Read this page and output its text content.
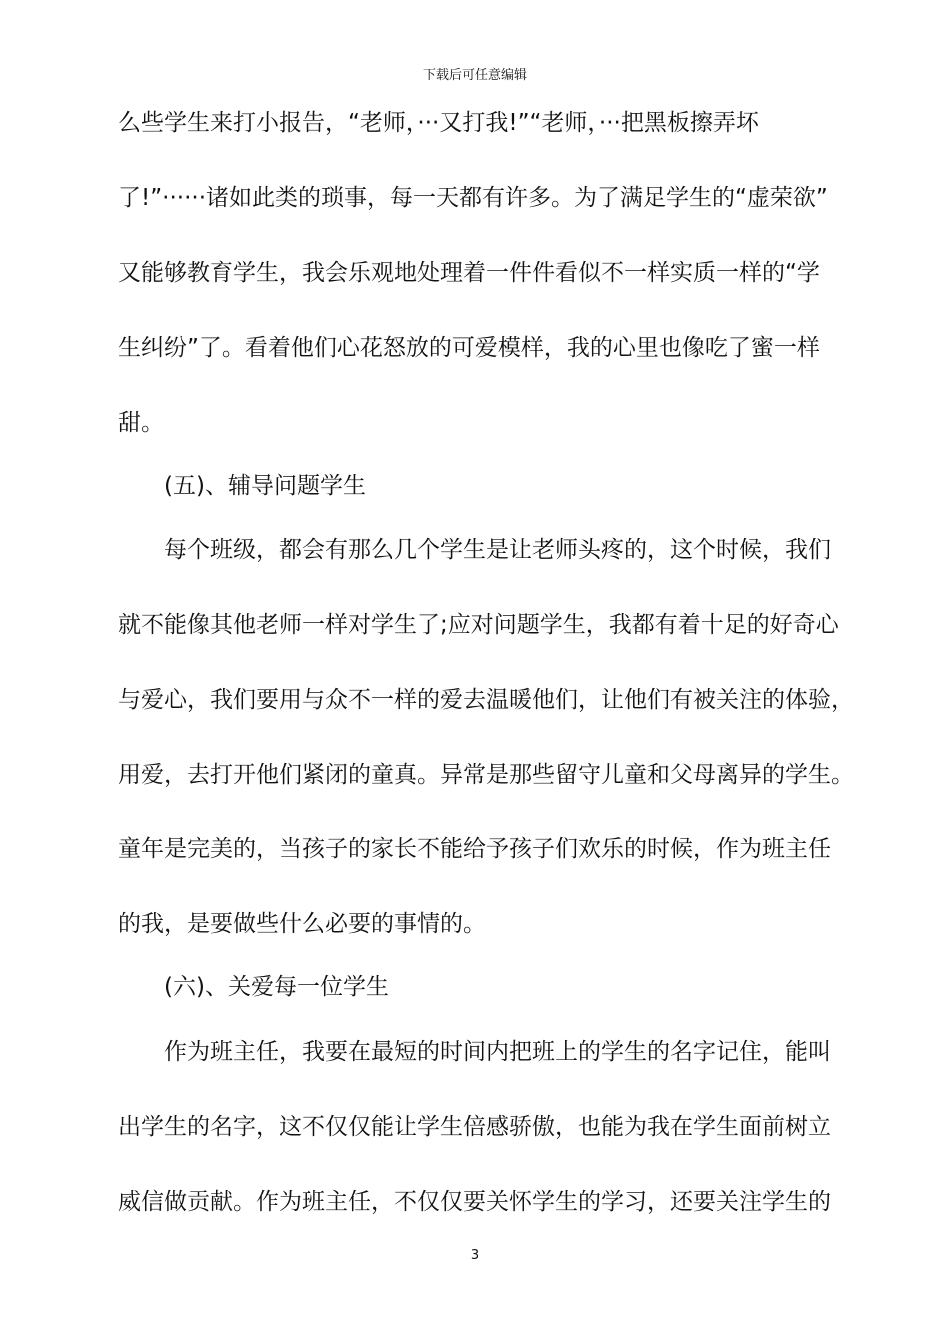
下载后可任意编辑
么些学生来打小报告，“老师，···又打我!”“老师，···把黑板擦弄坏
了!”······诸如此类的琐事，每一天都有许多。为了满足学生的“虚荣欲”
又能够教育学生，我会乐观地处理着一件件看似不一样实质一样的“学
生纠纷”了。看着他们心花怒放的可爱模样，我的心里也像吃了蜜一样
甜。
　　(五)、辅导问题学生
　　每个班级，都会有那么几个学生是让老师头疼的，这个时候，我们
就不能像其他老师一样对学生了;应对问题学生，我都有着十足的好奇心
与爱心，我们要用与众不一样的爱去温暖他们，让他们有被关注的体验，
用爱，去打开他们紧闭的童真。异常是那些留守儿童和父母离异的学生。
童年是完美的，当孩子的家长不能给予孩子们欢乐的时候，作为班主任
的我，是要做些什么必要的事情的。
　　(六)、关爱每一位学生
　　作为班主任，我要在最短的时间内把班上的学生的名字记住，能叫
出学生的名字，这不仅仅能让学生倍感骄傲，也能为我在学生面前树立
威信做贡献。作为班主任，不仅仅要关怀学生的学习，还要关注学生的
3
